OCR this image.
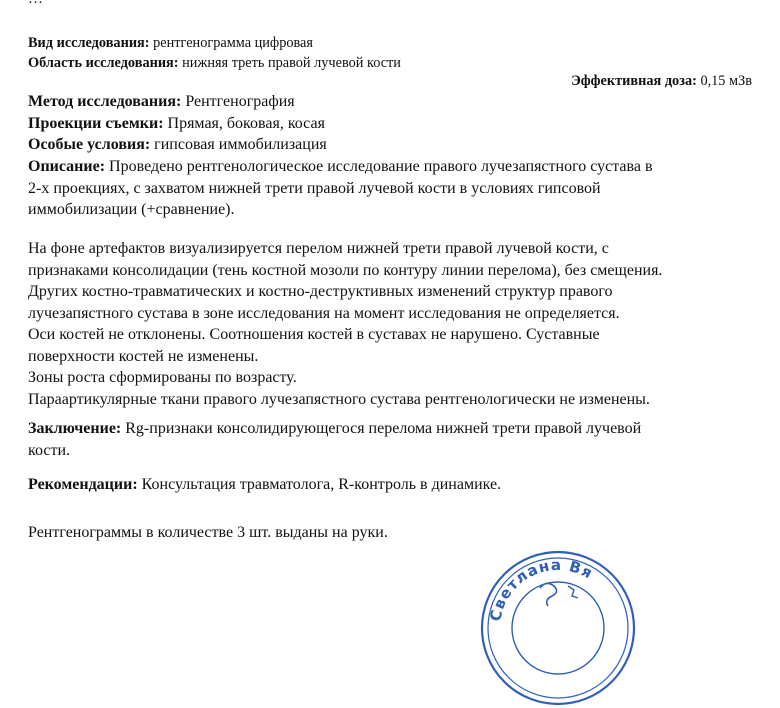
Вид исследования: рентгенограмма цифровая
Область исследования: нижняя треть правой лучевой кости
Эффективная доза: 0,15 мЗв
Метод исследования: Рентгенография
Проекции съемки: Прямая, боковая, косая
Особые условия: гипсовая иммобилизация
Описание: Проведено рентгенологическое исследование правого лучезапястного сустава в
2-х проекциях, с захватом нижней трети правой лучевой кости в условиях гипсовой
иммобилизации (+сравнение).
На фоне артефактов визуализируется перелом нижней трети правой лучевой кости, с
признаками консолидации (тень костной мозоли по контуру линии перелома), без смещения.
Других костно-травматических и костно-деструктивных изменений структур правого
лучезапястного сустава в зоне исследования на момент исследования не определяется.
Оси костей не отклонены. Соотношения костей в суставах не нарушено. Суставные
поверхности костей не изменены.
Зоны роста сформированы по возрасту.
Параартикулярные ткани правого лучезапястного сустава рентгенологически не изменены.
Заключение: Rg-признаки консолидирующегося перелома нижней трети правой лучевой
кости.
Рекомендации: Консультация травматолога, R-контроль в динамике.
Рентгенограммы в количестве 3 шт. выданы на руки.
Светлана Вя
